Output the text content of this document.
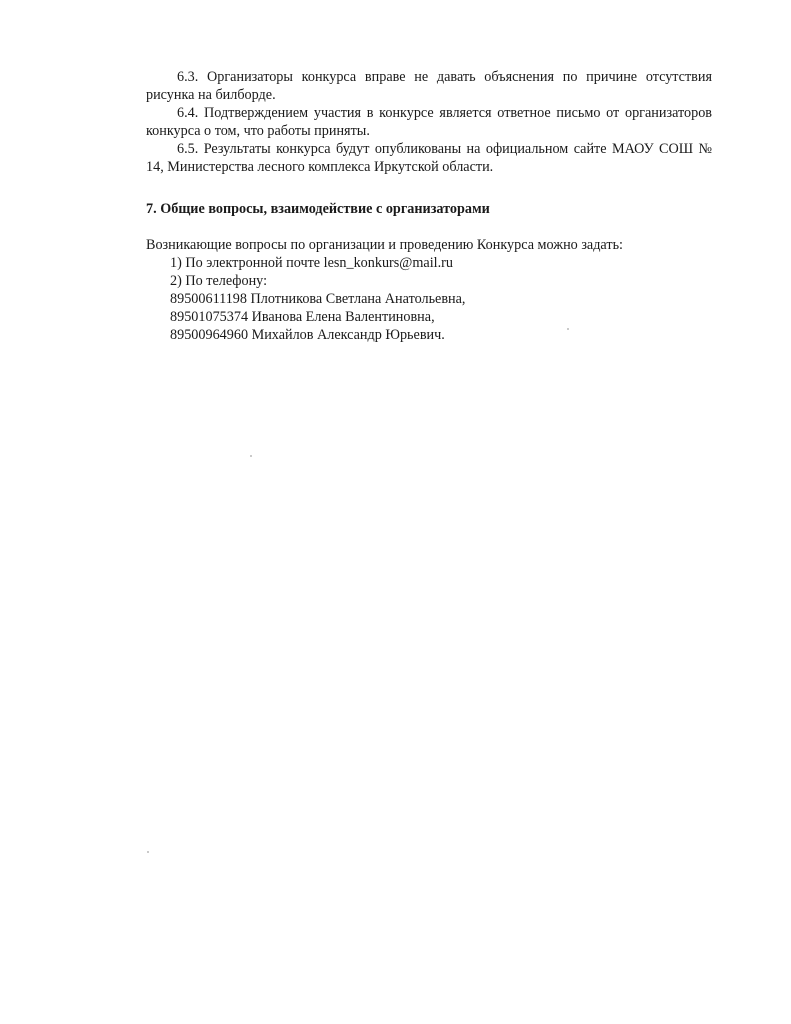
6.3. Организаторы конкурса вправе не давать объяснения по причине отсутствия рисунка на билборде.

6.4. Подтверждением участия в конкурсе является ответное письмо от организаторов конкурса о том, что работы приняты.

6.5. Результаты конкурса будут опубликованы на официальном сайте МАОУ СОШ № 14, Министерства лесного комплекса Иркутской области.

7. Общие вопросы, взаимодействие с организаторами

Возникающие вопросы по организации и проведению Конкурса можно задать:

1) По электронной почте lesn_konkurs@mail.ru
2) По телефону:
89500611198 Плотникова Светлана Анатольевна,
89501075374 Иванова Елена Валентиновна,
89500964960 Михайлов Александр Юрьевич.
